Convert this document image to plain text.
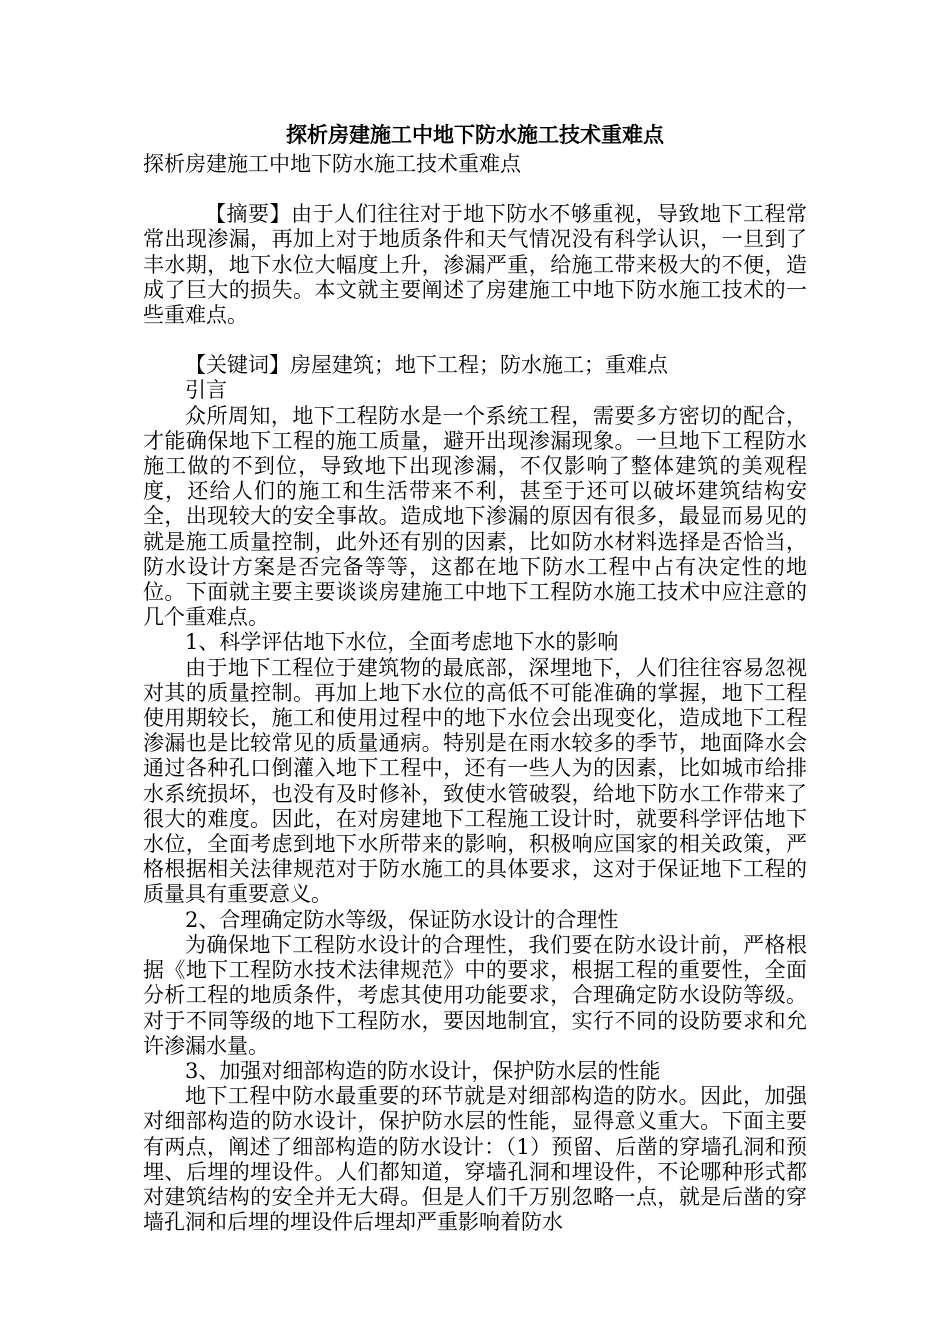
探析房建施工中地下防水施工技术重难点

探析房建施工中地下防水施工技术重难点

【摘要】由于人们往往对于地下防水不够重视，导致地下工程常常出现渗漏，再加上对于地质条件和天气情况没有科学认识，一旦到了丰水期，地下水位大幅度上升，渗漏严重，给施工带来极大的不便，造成了巨大的损失。本文就主要阐述了房建施工中地下防水施工技术的一些重难点。

【关键词】房屋建筑；地下工程；防水施工；重难点

引言

众所周知，地下工程防水是一个系统工程，需要多方密切的配合，才能确保地下工程的施工质量，避开出现渗漏现象。一旦地下工程防水施工做的不到位，导致地下出现渗漏，不仅影响了整体建筑的美观程度，还给人们的施工和生活带来不利，甚至于还可以破坏建筑结构安全，出现较大的安全事故。造成地下渗漏的原因有很多，最显而易见的就是施工质量控制，此外还有别的因素，比如防水材料选择是否恰当，防水设计方案是否完备等等，这都在地下防水工程中占有决定性的地位。下面就主要主要谈谈房建施工中地下工程防水施工技术中应注意的几个重难点。

1、科学评估地下水位，全面考虑地下水的影响

由于地下工程位于建筑物的最底部，深埋地下，人们往往容易忽视对其的质量控制。再加上地下水位的高低不可能准确的掌握，地下工程使用期较长，施工和使用过程中的地下水位会出现变化，造成地下工程渗漏也是比较常见的质量通病。特别是在雨水较多的季节，地面降水会通过各种孔口倒灌入地下工程中，还有一些人为的因素，比如城市给排水系统损坏，也没有及时修补，致使水管破裂，给地下防水工作带来了很大的难度。因此，在对房建地下工程施工设计时，就要科学评估地下水位，全面考虑到地下水所带来的影响，积极响应国家的相关政策，严格根据相关法律规范对于防水施工的具体要求，这对于保证地下工程的质量具有重要意义。

2、合理确定防水等级，保证防水设计的合理性

为确保地下工程防水设计的合理性，我们要在防水设计前，严格根据《地下工程防水技术法律规范》中的要求，根据工程的重要性，全面分析工程的地质条件，考虑其使用功能要求，合理确定防水设防等级。对于不同等级的地下工程防水，要因地制宜，实行不同的设防要求和允许渗漏水量。

3、加强对细部构造的防水设计，保护防水层的性能

地下工程中防水最重要的环节就是对细部构造的防水。因此，加强对细部构造的防水设计，保护防水层的性能，显得意义重大。下面主要有两点，阐述了细部构造的防水设计：（1）预留、后凿的穿墙孔洞和预埋、后埋的埋设件。人们都知道，穿墙孔洞和埋设件，不论哪种形式都对建筑结构的安全并无大碍。但是人们千万别忽略一点，就是后凿的穿墙孔洞和后埋的埋设件后埋却严重影响着防水
